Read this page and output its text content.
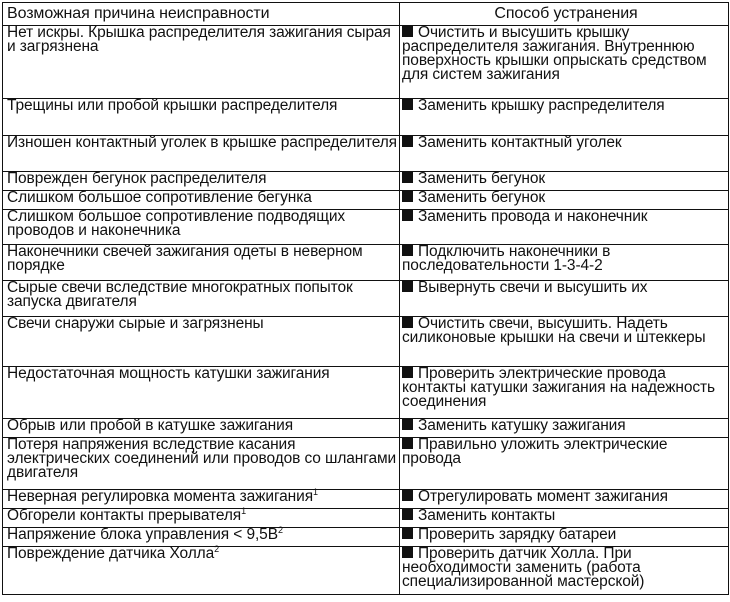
Возможная причина неисправности	Способ устранения
Нет искры. Крышка распределителя зажигания сырая и загрязнена	Очистить и высушить крышку распределителя зажигания. Внутреннюю поверхность крышки опрыскать средством для систем зажигания
Трещины или пробой крышки распределителя	Заменить крышку распределителя
Изношен контактный уголек в крышке распределителя	Заменить контактный уголек
Поврежден бегунок распределителя	Заменить бегунок
Слишком большое сопротивление бегунка	Заменить бегунок
Слишком большое сопротивление подводящих проводов и наконечника	Заменить провода и наконечник
Наконечники свечей зажигания одеты в неверном порядке	Подключить наконечники в последовательности 1-3-4-2
Сырые свечи вследствие многократных попыток запуска двигателя	Вывернуть свечи и высушить их
Свечи снаружи сырые и загрязнены	Очистить свечи, высушить. Надеть силиконовые крышки на свечи и штеккеры
Недостаточная мощность катушки зажигания	Проверить электрические провода контакты катушки зажигания на надежность соединения
Обрыв или пробой в катушке зажигания	Заменить катушку зажигания
Потеря напряжения вследствие касания электрических соединений или проводов со шлангами двигателя	Правильно уложить электрические провода
Неверная регулировка момента зажигания$^1$	Отрегулировать момент зажигания
Обгорели контакты прерывателя$^1$	Заменить контакты
Напряжение блока управления < $9,5В^2$	Проверить зарядку батареи
Повреждение датчика Холла$^2$	Проверить датчик Холла. При необходимости заменить (работа специализированной мастерской)
